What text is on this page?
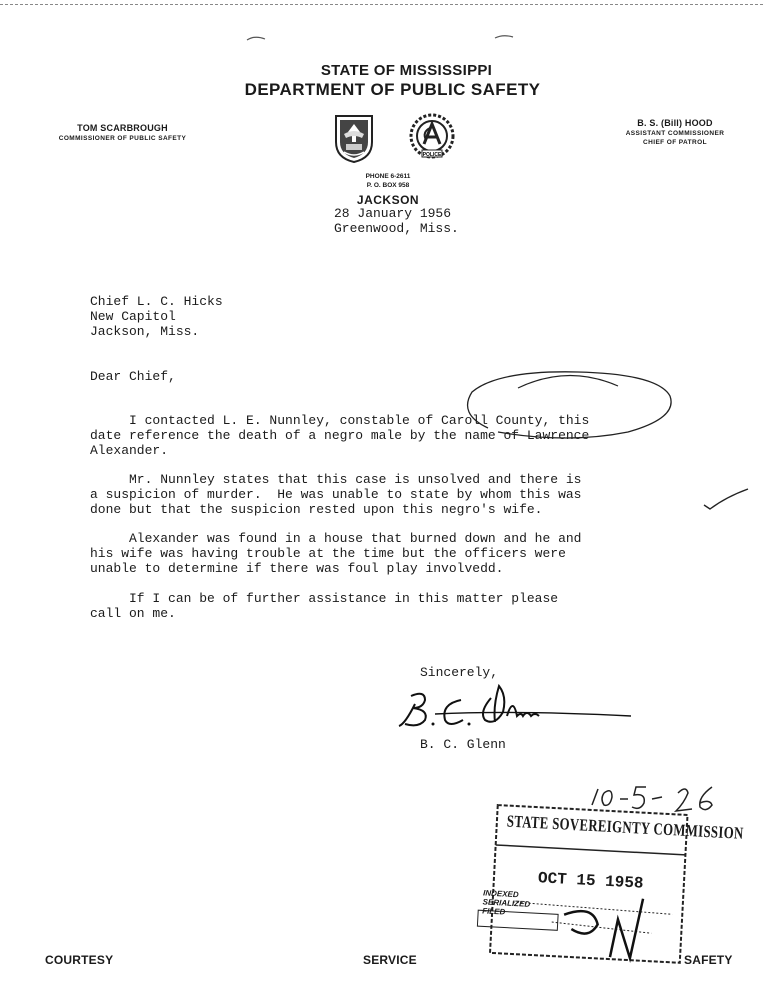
STATE OF MISSISSIPPI
DEPARTMENT OF PUBLIC SAFETY
TOM SCARBROUGH
COMMISSIONER OF PUBLIC SAFETY
B. S. (Bill) HOOD
ASSISTANT COMMISSIONER
CHIEF OF PATROL
POLICE
PHONE 6-2611
P. O. BOX 958
JACKSON
28 January 1956
Greenwood, Miss.
Chief L. C. Hicks
New Capitol
Jackson, Miss.
Dear Chief,
I contacted L. E. Nunnley, constable of Caroll County, this
date reference the death of a negro male by the name of Lawrence
Alexander.
Mr. Nunnley states that this case is unsolved and there is
a suspicion of murder.  He was unable to state by whom this was
done but that the suspicion rested upon this negro's wife.
Alexander was found in a house that burned down and he and
his wife was having trouble at the time but the officers were
unable to determine if there was foul play involvedd.
If I can be of further assistance in this matter please
call on me.
Sincerely,
B. C. Glenn
STATE SOVEREIGNTY COMMISSION
OCT 15 1958
INDEXED
SERIALIZED
FILED
COURTESY	SERVICE	SAFETY
